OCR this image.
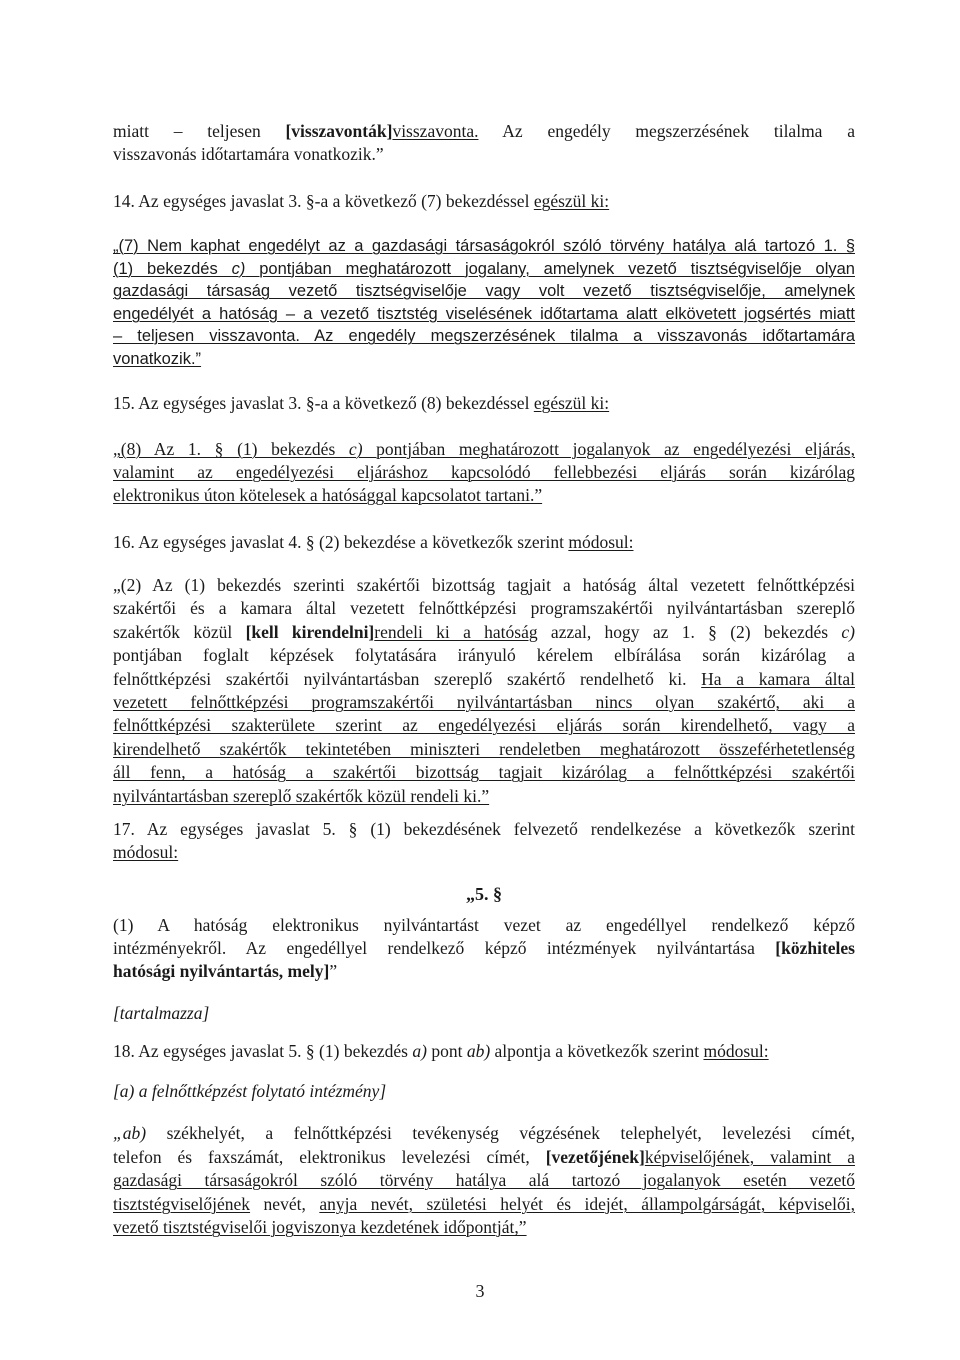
miatt – teljesen [visszavonták]visszavonta. Az engedély megszerzésének tilalma a
visszavonás időtartamára vonatkozik.”

14. Az egységes javaslat 3. §-a a következő (7) bekezdéssel egészül ki:

„(7) Nem kaphat engedélyt az a gazdasági társaságokról szóló törvény hatálya alá tartozó 1. §
(1) bekezdés c) pontjában meghatározott jogalany, amelynek vezető tisztségviselője olyan
gazdasági társaság vezető tisztségviselője vagy volt vezető tisztségviselője, amelynek
engedélyét a hatóság – a vezető tisztstég viselésének időtartama alatt elkövetett jogsértés miatt
– teljesen visszavonta. Az engedély megszerzésének tilalma a visszavonás időtartamára
vonatkozik.”

15. Az egységes javaslat 3. §-a a következő (8) bekezdéssel egészül ki:

„(8) Az 1. § (1) bekezdés c) pontjában meghatározott jogalanyok az engedélyezési eljárás,
valamint az engedélyezési eljáráshoz kapcsolódó fellebbezési eljárás során kizárólag
elektronikus úton kötelesek a hatósággal kapcsolatot tartani.”

16. Az egységes javaslat 4. § (2) bekezdése a következők szerint módosul:

„(2) Az (1) bekezdés szerinti szakértői bizottság tagjait a hatóság által vezetett felnőttképzési
szakértői és a kamara által vezetett felnőttképzési programszakértői nyilvántartásban szereplő
szakértők közül [kell kirendelni]rendeli ki a hatóság azzal, hogy az 1. § (2) bekezdés c)
pontjában foglalt képzések folytatására irányuló kérelem elbírálása során kizárólag a
felnőttképzési szakértői nyilvántartásban szereplő szakértő rendelhető ki. Ha a kamara által
vezetett felnőttképzési programszakértői nyilvántartásban nincs olyan szakértő, aki a
felnőttképzési szakterülete szerint az engedélyezési eljárás során kirendelhető, vagy a
kirendelhető szakértők tekintetében miniszteri rendeletben meghatározott összeférhetetlenség
áll fenn, a hatóság a szakértői bizottság tagjait kizárólag a felnőttképzési szakértői
nyilvántartásban szereplő szakértők közül rendeli ki.”

17. Az egységes javaslat 5. § (1) bekezdésének felvezető rendelkezése a következők szerint
módosul:

„5. §

(1) A hatóság elektronikus nyilvántartást vezet az engedéllyel rendelkező képző
intézményekről. Az engedéllyel rendelkező képző intézmények nyilvántartása [közhiteles
hatósági nyilvántartás, mely]”

[tartalmazza]

18. Az egységes javaslat 5. § (1) bekezdés a) pont ab) alpontja a következők szerint módosul:

[a) a felnőttképzést folytató intézmény]

„ab) székhelyét, a felnőttképzési tevékenység végzésének telephelyét, levelezési címét,
telefon és faxszámát, elektronikus levelezési címét, [vezetőjének]képviselőjének, valamint a
gazdasági társaságokról szóló törvény hatálya alá tartozó jogalanyok esetén vezető
tisztstégviselőjének nevét, anyja nevét, születési helyét és idejét, állampolgárságát, képviselői,
vezető tisztstégviselői jogviszonya kezdetének időpontját,”

3
